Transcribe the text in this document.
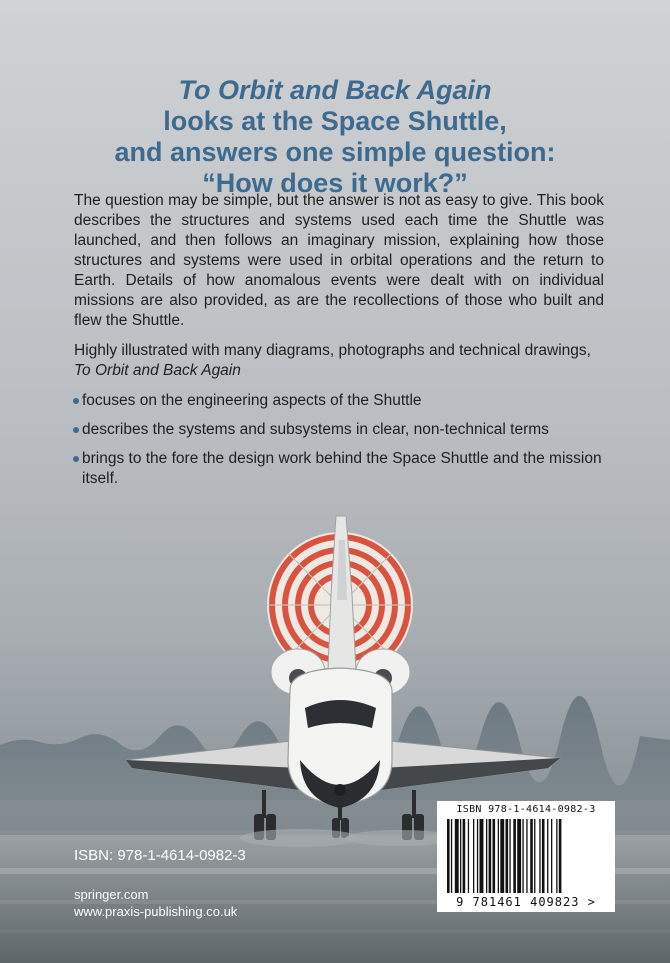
To Orbit and Back Again
looks at the Space Shuttle,
and answers one simple question:
“How does it work?”

The question may be simple, but the answer is not as easy to give. This book describes the structures and systems used each time the Shuttle was launched, and then follows an imaginary mission, explaining how those structures and systems were used in orbital operations and the return to Earth. Details of how anomalous events were dealt with on individual missions are also provided, as are the recollections of those who built and flew the Shuttle.

Highly illustrated with many diagrams, photographs and technical drawings, To Orbit and Back Again

focuses on the engineering aspects of the Shuttle
describes the systems and subsystems in clear, non-technical terms
brings to the fore the design work behind the Space Shuttle and the mission itself.
ISBN: 978-1-4614-0982-3
springer.com
www.praxis-publishing.co.uk
ISBN 978-1-4614-0982-3
9 781461 409823 >
